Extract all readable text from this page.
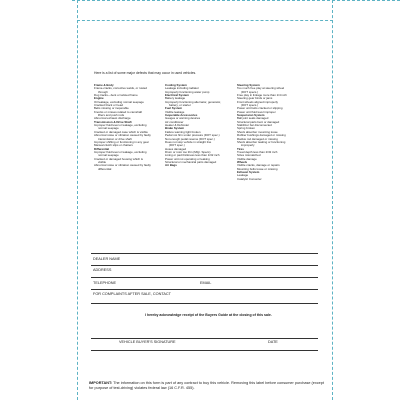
Here is a list of some major defects that may occur in used vehicles.
Frame & Body
Frame-cracks, corrective welds, or rusted
through
Dog tracks—bent or twisted frame
Engine
Oil leakage, excluding normal seepage
Cracked block or head
Belts missing or inoperable
Knocks or misses related to camshaft
lifters and push rods
Abnormal exhaust discharge
Transmission & Drive Shaft
Improper fluid level or leakage, excluding
normal seepage
Cracked or damaged case which is visible
Abnormal noise or vibration caused by faulty
transmission or drive shaft
Improper shifting or functioning in any gear
Manual clutch slips or chatters
Differential
Improper fluid level or leakage, excluding
normal seepage
Cracked or damaged housing which is
visible
Abnormal noise or vibration caused by faulty
differential
Cooling System
Leakage including radiator
Improperly functioning water pump
Electrical System
Battery leakage
Improperly functioning alternator, generator,
battery, or starter
Fuel System
Visible leakage
Inoperable Accessories
Gauges or warning devices
Air conditioner
Heater & Defroster
Brake System
Failure warning light broken
Pedal not firm under pressure (DOT spec.)
Not enough pedal reserve (DOT spec.)
Does not stop vehicle in straight line
(DOT spec.)
Hoses damaged
Drum or rotor too thin (Mfgr. Specs)
Lining or pad thickness less than 1/32 inch
Power unit not operating or leaking
Structural or mechanical parts damaged
Air Bags
Steering System
Too much free play at steering wheel
(DOT specs.)
Free play in linkage more than 1/4 inch
Steering gear binds or jams
Front wheels aligned improperly
(DOT specs.)
Power unit belts cracked or slipping
Power unit fluid level improper
Suspension System
Ball joint seals damaged
Structural parts bent or damaged
Stabilizer bar disconnected
Spring broken
Shock absorber mounting loose
Rubber bushings damaged or missing
Radius rod damaged or missing
Shock absorber leaking or functioning
improperly
Tires
Tread depth less than 2/32 inch
Sizes mismatched
Visible damage
Wheels
Visible cracks, damage or repairs
Mounting bolts loose or missing
Exhaust System
Leakage
Catalytic Converter
DEALER NAME
ADDRESS
TELEPHONE	EMAIL
FOR COMPLAINTS AFTER SALE, CONTACT
I hereby acknowledge receipt of the Buyers Guide at the closing of this sale.
VEHICLE BUYER'S SIGNATURE	DATE
IMPORTANT: The information on this form is part of any contract to buy this vehicle. Removing this label before consumer purchase (except for purpose of test-driving) violates federal law (16 C.F.R. 455).
